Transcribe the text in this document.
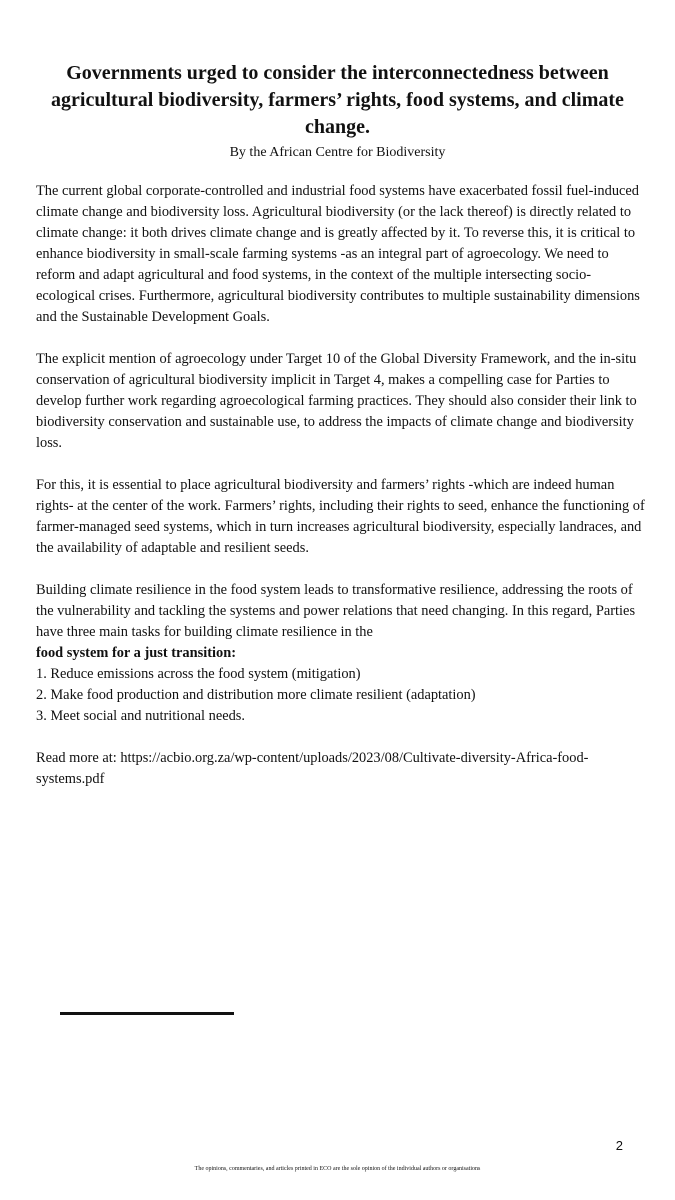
Governments urged to consider the interconnectedness between agricultural biodiversity, farmers’ rights, food systems, and climate change.

By the African Centre for Biodiversity

The current global corporate-controlled and industrial food systems have exacerbated fossil fuel-induced climate change and biodiversity loss. Agricultural biodiversity (or the lack thereof) is directly related to climate change: it both drives climate change and is greatly affected by it. To reverse this, it is critical to enhance biodiversity in small-scale farming systems -as an integral part of agroecology. We need to reform and adapt agricultural and food systems, in the context of the multiple intersecting socio-ecological crises. Furthermore, agricultural biodiversity contributes to multiple sustainability dimensions and the Sustainable Development Goals.

The explicit mention of agroecology under Target 10 of the Global Diversity Framework, and the in-situ conservation of agricultural biodiversity implicit in Target 4, makes a compelling case for Parties to develop further work regarding agroecological farming practices. They should also consider their link to biodiversity conservation and sustainable use, to address the impacts of climate change and biodiversity loss.

For this, it is essential to place agricultural biodiversity and farmers’ rights -which are indeed human rights- at the center of the work. Farmers’ rights, including their rights to seed, enhance the functioning of farmer-managed seed systems, which in turn increases agricultural biodiversity, especially landraces, and the availability of adaptable and resilient seeds.

Building climate resilience in the food system leads to transformative resilience, addressing the roots of the vulnerability and tackling the systems and power relations that need changing. In this regard, Parties have three main tasks for building climate resilience in the

food system for a just transition:

1. Reduce emissions across the food system (mitigation)
2. Make food production and distribution more climate resilient (adaptation)
3. Meet social and nutritional needs.

Read more at: https://acbio.org.za/wp-content/uploads/2023/08/Cultivate-diversity-Africa-food-systems.pdf

2
The opinions, commentaries, and articles printed in ECO are the sole opinion of the individual authors or organisations
